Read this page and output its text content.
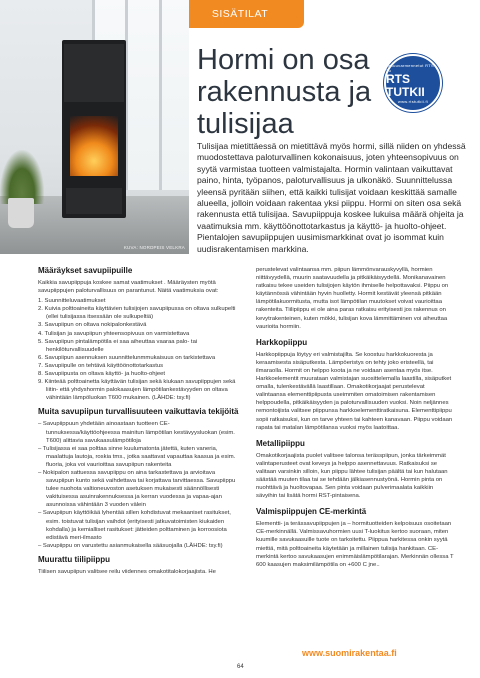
SISÄTILAT
KUVA: NORDPEIS VELKRA
Hormi on osa rakennusta ja tulisijaa
Takuuvarmennetut RTS Tu
RTS TUTKII
www.rtstutkii.fi

Tulisijaa mietittäessä on mietittävä myös hormi, sillä niiden on yhdessä muodostettava paloturvallinen kokonaisuus, joten yhteensopivuus on syytä varmistaa tuotteen valmistajalta. Hormin valintaan vaikuttavat paino, hinta, työpanos, paloturvallisuus ja ulkonäkö. Suunnittelussa yleensä pyritään siihen, että kaikki tulisijat voidaan keskittää samalle alueella, jolloin voidaan rakentaa yksi piippu. Hormi on siten osa sekä rakennusta että tulisijaa. Savupiippuja koskee lukuisa määrä ohjeita ja vaatimuksia mm. käyttöönottotarkastus ja käyttö- ja huolto-ohjeet. Pientalojen savupiippujen uusimismarkkinat ovat jo isommat kuin uudisrakentamisen markkina.

Määräykset savupiipuille

Kaikkia savupiippuja koskee samat vaatimukset . Määräysten myötä savupiippujen paloturvallisuus on parantunut. Näitä vaatimuksia ovat:

1. Suunnitteluvaatimukset
2. Kuivia polttoaineita käyttävien tulisijojen savupiipussa on oltava sulkupelti (ellei tulisijassa itsessään ole sulkupeltiä)
3. Savupiipun on oltava nokipalonkestävä
4. Tulisijan ja savupiipun yhteensopivuus on varmistettava
5. Savupiipun pintalämpötila ei saa aiheuttaa vaaraa palo- tai henkilöturvallisuudelle
6. Savupiipun asennuksen suunnittelunmmukaisuus on tarkistettava
7. Savupiipulle on tehtävä käyttöönottotarkastus
8. Savupiipusta on oltava käyttö- ja huolto-ohjeet
9. Kiinteää polttoainetta käyttävän tulisijan sekä kiukaan savupiippujen sekä liitin- että yhdyshormin palokaasujen lämpötilankestävyyden on oltava vähintään lämpöluokan T600 mukainen. (LÄHDE: tsy.fi)
Muita savupiipun turvallisuuteen vaikuttavia tekijöitä
– Savupiippuun yhdetään ainoastaan tuotteen CE-tunnuksessa/käyttöohjeessa mainitun lämpötilan kestävyysluokan (esim. T600) alittavia savukaasulämpötiloja
– Tulisijassa ei saa polttaa sinne kuulumatonta jätettä, kuten vaneria, maalattuja lautoja, roskia tms., jotka saattavat vapauttaa kaasua ja esim. fluoria, joka voi vaurioittaa savupiipun rakenteita
– Nokipalon sattuessa savupiippu on aina tarkastettava ja arvioitava savupiipun kunto sekä vaihdettava tai korjattava tarvittaessa. Savupiippu tulee nuohota valtioneuvoston asetuksen mukaisesti säännöllisesti vakituisessa asuinrakennuksessa ja kerran vuodessa ja vapaa-ajan asunnoissa vähintään 3 vuoden välein
– Savupiipun käyttöikää lyhentää sillen kohdistuvat mekaaniset rasitukset, esim. toistuvat tulisijan vaihdot (erityisesti jatkuvatoimisten kiukaiden kohdalla) ja kemialliset rasitukset: jätteiden polttaminen ja korroosiota edistävä meri-ilmasto
– Savupiippu on varustettu asianmukaisella sääsuojalla (LÄHDE: tsy.fi)
Muurattu tiilipiippu

Tiilisen savupiipun valitsee reilu viidennes omakotitalokorjaajista. He

perustelevat valintaansa mm. piipun lämmönvarauskyvyllä, hormien niittävyydellä, muurin saatavuudella ja pitkäikäisyydellä. Monikanavainen ratkaisu tekee useiden tulisijojen käytön ihmiselle helpottavaksi. Piippu on käytännössä vähintään hyvin huolletty. Hormit kestävät yleensä pitkään lämpötilakuormitusta, mutta isot lämpötilan muutokset voivat vaurioittaa rakenteita. Tiilipiippu ei ole aina paras ratkaisu erityisesti jos rakennus on kevytrakenteinen, kuten mökki, tulisijan kova lämmittäminen voi aiheuttaa vaurioita hormiin.

Harkkopiippu

Harkkopiippuja löytyy eri valmistajilta. Se koostuu harkkokuoresta ja keraamisesta sisäputkesta. Lämpöeristys on tehty joko eristeellä, tai ilmaraolla. Hormit on helppo koota ja ne voidaan asentaa myös itse. Harkkoelementit muurataan valmistajan suosittelemalla laastilla, sisäputket omalla, tulenkestävällä laastillaan. Omakotikorjaajat perustelevat valintaansa elementtipiipusta useimmiten omatoimisen rakentamisen helppoudella, pitkäikäisyyden ja paloturvallisuuden vuoksi. Noin neljännes remontoijista valitsee piippunsa harkkoelementtiratkaisuna. Elementtipiippu sopii ratkaisuksi, kun on tarve yhteen tai kahteen kanavaan. Piippu voidaan rapata tai matalan lämpötilansa vuoksi myös laatoittaa.

Metallipiippu

Omakotikorjaajista puolet valitsee talonsa terässpiipun, jonka tärkeimmät valintaperusteet ovat keveys ja helppo asennettavuus. Ratkaisuksi se valitaan varsinkin silloin, kun piippu lähtee tulisijan päältä tai kun halutaan säästää muuten tilaa tai se tehdään jälkiasennustyönä. Hormin pinta on nuohttävä ja huoltovapaa. Sen pinta voidaan pulverimaalata kaikkiin sävyihin tai lisätä hormi RST-pintaisena.

Valmispiippujen CE-merkintä

Elementti- ja terässavupiippujen ja – hormituotteiden kelpoisuus osoitetaan CE-merkinnällä. Valmissavuhormien uusi T-luokitus kertoo suoraan, miten kuumille savukaasuille tuote on tarkoitettu. Piippua harkitessa onkin syytä miettiä, mitä polttoaineita käytetään ja millainen tulisija hankitaan. CE-merkintä kertoo savukaasujen enimmäislämpötilarajan. Merkinnän ollessa T 600 kaasujen maksimilämpötila on +600 C jne..

www.suomirakentaa.fi
64
